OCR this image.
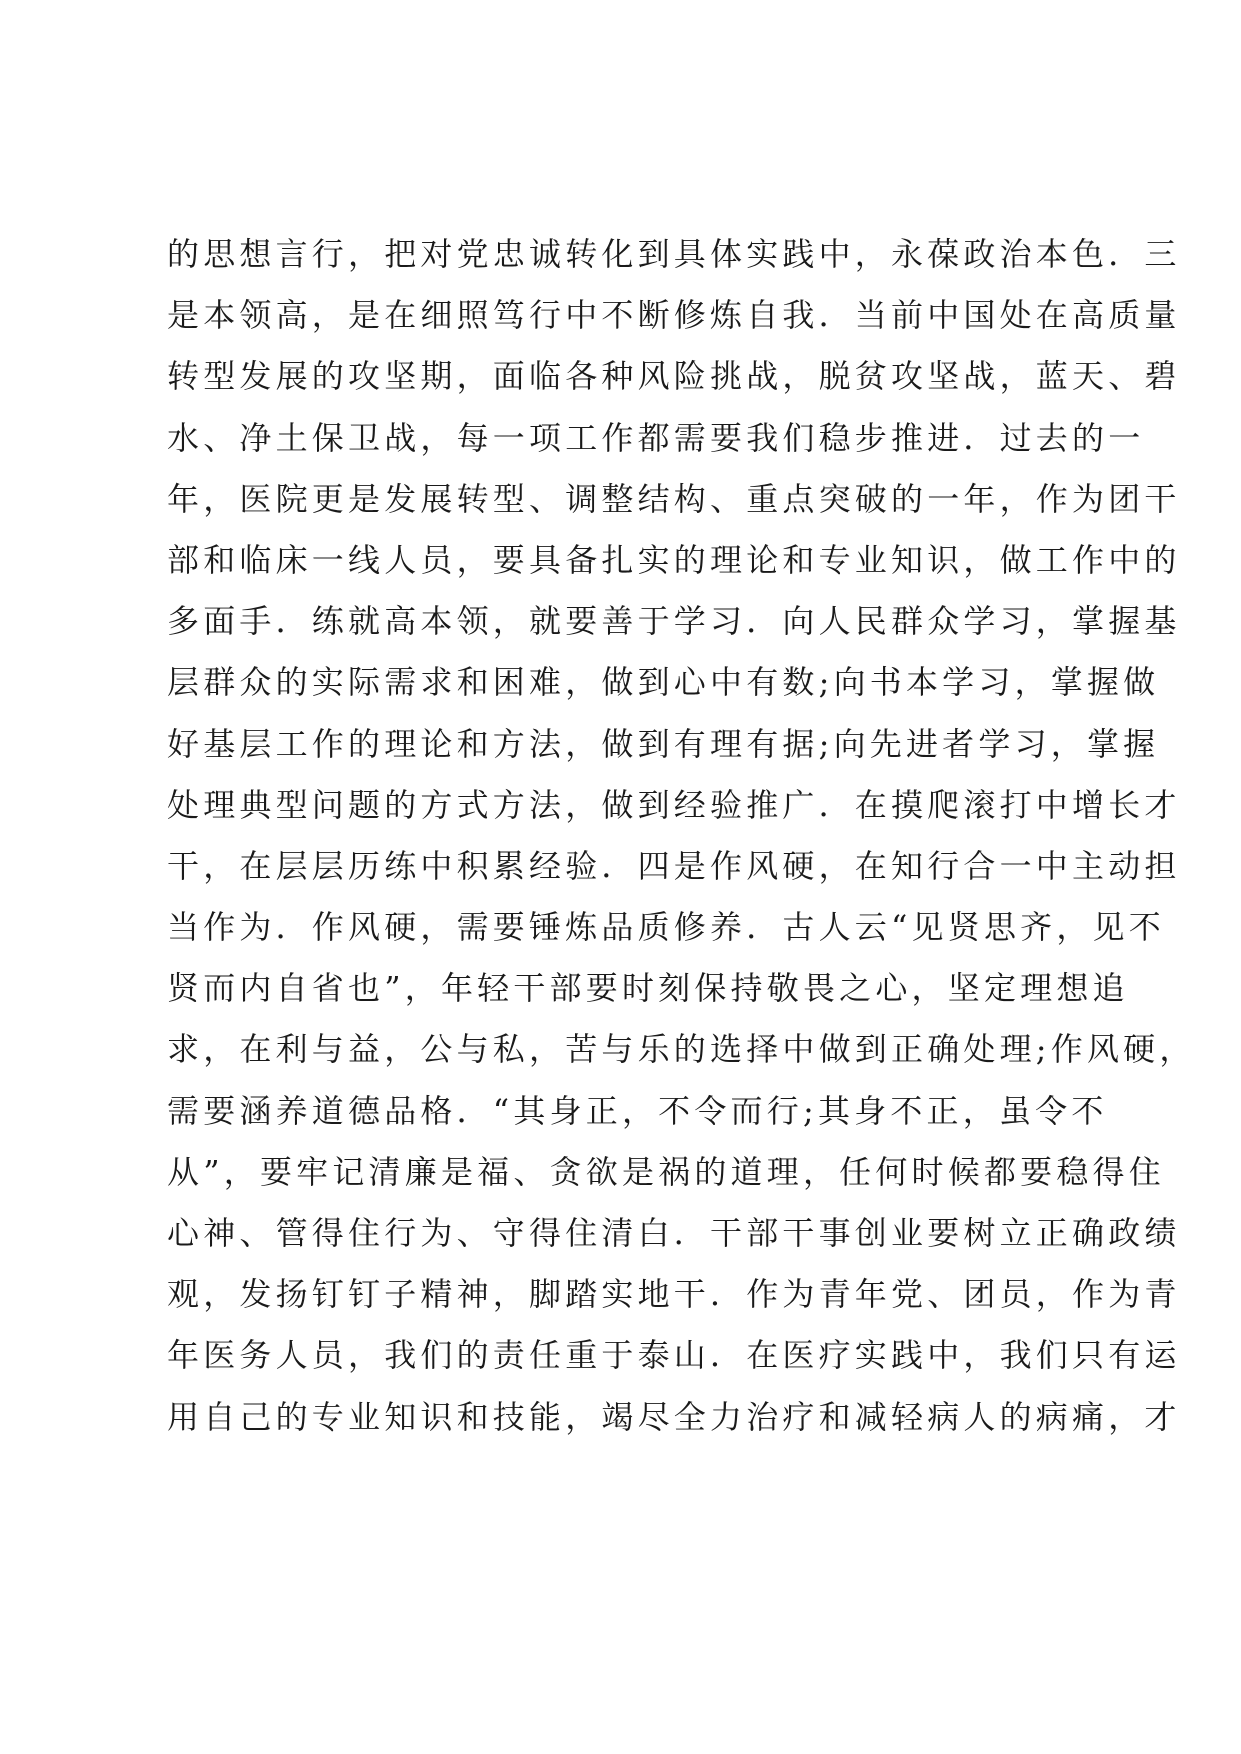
的思想言行，把对党忠诚转化到具体实践中，永葆政治本色．三
是本领高，是在细照笃行中不断修炼自我．当前中国处在高质量
转型发展的攻坚期，面临各种风险挑战，脱贫攻坚战，蓝天、碧
水、净土保卫战，每一项工作都需要我们稳步推进．过去的一
年，医院更是发展转型、调整结构、重点突破的一年，作为团干
部和临床一线人员，要具备扎实的理论和专业知识，做工作中的
多面手．练就高本领，就要善于学习．向人民群众学习，掌握基
层群众的实际需求和困难，做到心中有数;向书本学习，掌握做
好基层工作的理论和方法，做到有理有据;向先进者学习，掌握
处理典型问题的方式方法，做到经验推广．在摸爬滚打中增长才
干，在层层历练中积累经验．四是作风硬，在知行合一中主动担
当作为．作风硬，需要锤炼品质修养．古人云“见贤思齐，见不
贤而内自省也”，年轻干部要时刻保持敬畏之心，坚定理想追
求，在利与益，公与私，苦与乐的选择中做到正确处理;作风硬，
需要涵养道德品格．“其身正，不令而行;其身不正，虽令不
从”，要牢记清廉是福、贪欲是祸的道理，任何时候都要稳得住
心神、管得住行为、守得住清白．干部干事创业要树立正确政绩
观，发扬钉钉子精神，脚踏实地干．作为青年党、团员，作为青
年医务人员，我们的责任重于泰山．在医疗实践中，我们只有运
用自己的专业知识和技能，竭尽全力治疗和减轻病人的病痛，才
